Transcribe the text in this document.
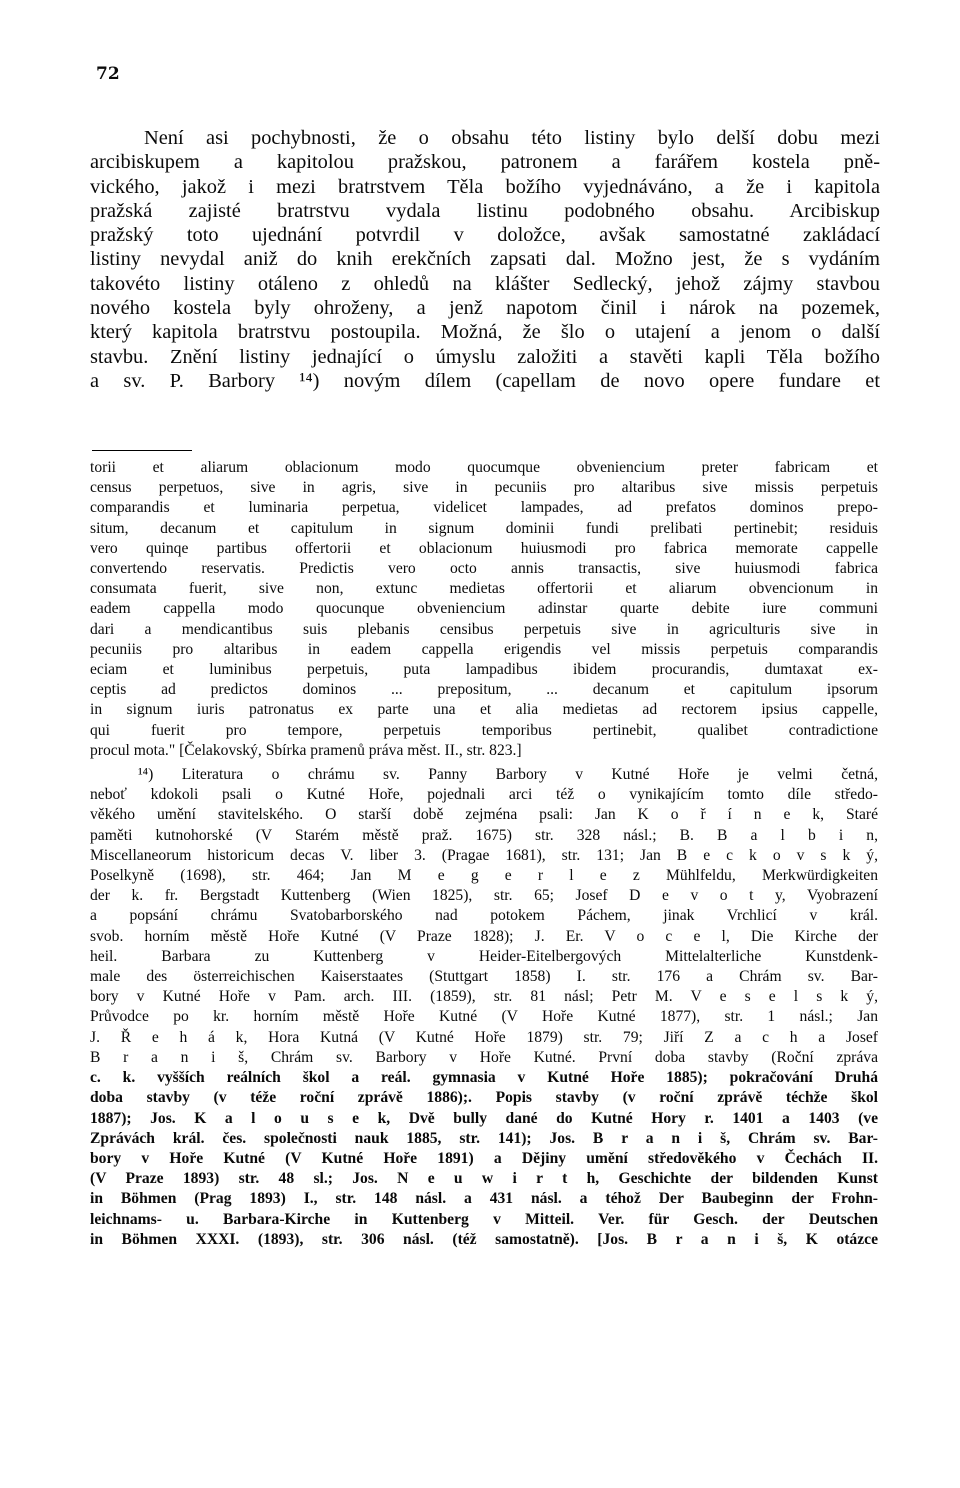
72
Není asi pochybnosti, že o obsahu této listiny bylo delší dobu mezi
arcibiskupem a kapitolou pražskou, patronem a farářem kostela pně-
vického, jakož i mezi bratrstvem Těla božího vyjednáváno, a že i kapitola
pražská zajisté bratrstvu vydala listinu podobného obsahu. Arcibiskup
pražský toto ujednání potvrdil v doložce, avšak samostatné zakládací
listiny nevydal aniž do knih erekčních zapsati dal. Možno jest, že s vydáním
takovéto listiny otáleno z ohledů na klášter Sedlecký, jehož zájmy stavbou
nového kostela byly ohroženy, a jenž napotom činil i nárok na pozemek,
který kapitola bratrstvu postoupila. Možná, že šlo o utajení a jenom o další
stavbu. Znění listiny jednající o úmyslu založiti a stavěti kapli Těla božího
a sv. P. Barbory ¹⁴) novým dílem (capellam de novo opere fundare et
torii et aliarum oblacionum modo quocumque obveniencium preter fabricam et
census perpetuos, sive in agris, sive in pecuniis pro altaribus sive missis perpetuis
comparandis et luminaria perpetua, videlicet lampades, ad prefatos dominos prepo-
situm, decanum et capitulum in signum dominii fundi prelibati pertinebit; residuis
vero quinqe partibus offertorii et oblacionum huiusmodi pro fabrica memorate cappelle
convertendo reservatis. Predictis vero octo annis transactis, sive huiusmodi fabrica
consumata fuerit, sive non, extunc medietas offertorii et aliarum obvencionum in
eadem cappella modo quocunque obveniencium adinstar quarte debite iure communi
dari a mendicantibus suis plebanis censibus perpetuis sive in agriculturis sive in
pecuniis pro altaribus in eadem cappella erigendis vel missis perpetuis comparandis
eciam et luminibus perpetuis, puta lampadibus ibidem procurandis, dumtaxat ex-
ceptis ad predictos dominos ... prepositum, ... decanum et capitulum ipsorum
in signum iuris patronatus ex parte una et alia medietas ad rectorem ipsius cappelle,
qui fuerit pro tempore, perpetuis temporibus pertinebit, qualibet contradictione
procul mota." [Čelakovský, Sbírka pramenů práva měst. II., str. 823.]
¹⁴) Literatura o chrámu sv. Panny Barbory v Kutné Hoře je velmi četná,
neboť kdokoli psali o Kutné Hoře, pojednali arci též o vynikajícím tomto díle středo-
věkého umění stavitelského. O starší době zejména psali: Jan K o ř í n e k, Staré
paměti kutnohorské (V Starém městě praž. 1675) str. 328 násl.; B. B a l b i n,
Miscellaneorum historicum decas V. liber 3. (Pragae 1681), str. 131; Jan B e c k o v s k ý,
Poselkyně (1698), str. 464; Jan M e g e r l e z Mühlfeldu, Merkwürdigkeiten
der k. fr. Bergstadt Kuttenberg (Wien 1825), str. 65; Josef D e v o t y, Vyobrazení
a popsání chrámu Svatobarborského nad potokem Páchem, jinak Vrchlicí v král.
svob. horním městě Hoře Kutné (V Praze 1828); J. Er. V o c e l, Die Kirche der
heil. Barbara zu Kuttenberg v Heider-Eitelbergových Mittelalterliche Kunstdenk-
male des österreichischen Kaiserstaates (Stuttgart 1858) I. str. 176 a Chrám sv. Bar-
bory v Kutné Hoře v Pam. arch. III. (1859), str. 81 násl; Petr M. V e s e l s k ý,
Průvodce po kr. horním městě Hoře Kutné (V Hoře Kutné 1877), str. 1 násl.; Jan
J. Ř e h á k, Hora Kutná (V Kutné Hoře 1879) str. 79; Jiří Z a c h a Josef
B r a n i š, Chrám sv. Barbory v Hoře Kutné. První doba stavby (Roční zpráva
c. k. vyšších reálních škol a reál. gymnasia v Kutné Hoře 1885); pokračování Druhá
doba stavby (v téže roční zprávě 1886);. Popis stavby (v roční zprávě téchže škol
1887); Jos. K a l o u s e k, Dvě bully dané do Kutné Hory r. 1401 a 1403 (ve
Zprávách král. čes. společnosti nauk 1885, str. 141); Jos. B r a n i š, Chrám sv. Bar-
bory v Hoře Kutné (V Kutné Hoře 1891) a Dějiny umění středověkého v Čechách II.
(V Praze 1893) str. 48 sl.; Jos. N e u w i r t h, Geschichte der bildenden Kunst
in Böhmen (Prag 1893) I., str. 148 násl. a 431 násl. a téhož Der Baubeginn der Frohn-
leichnams- u. Barbara-Kirche in Kuttenberg v Mitteil. Ver. für Gesch. der Deutschen
in Böhmen XXXI. (1893), str. 306 násl. (též samostatně). [Jos. B r a n i š, K otázce
